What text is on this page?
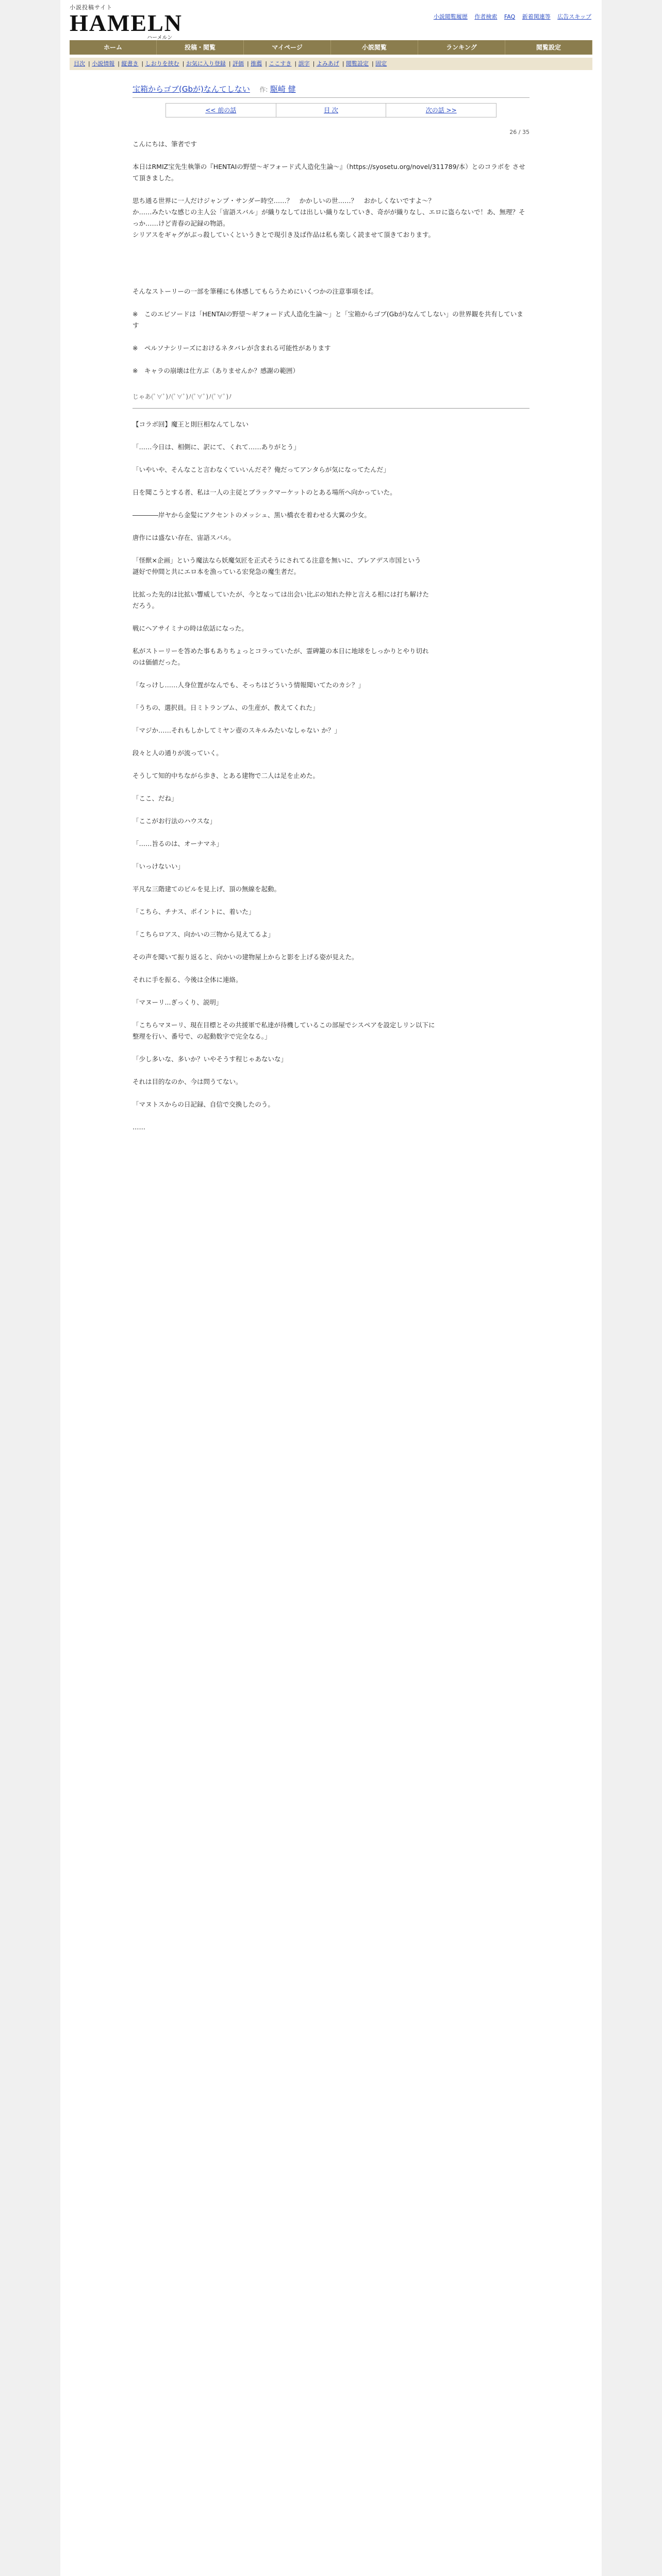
小説投稿サイト
HAMELN
ハーメルン
小説閲覧履歴 作者検索 FAQ 新着関連等 広告スキップ
ホーム	投稿・閲覧	マイページ	小説閲覧	ランキング	閲覧設定
目次 | 小説情報 | 縦書き | しおりを挟む | お気に入り登録 | 評価 | 推薦 | ここすき | 誤字 | よみあげ | 閲覧設定 | 固定
宝箱からゴブ(Gbが)なんてしない 作: 駆崎 健
<< 前の話	目 次	次の話 >>
26 / 35

こんにちは、筆者です

本日はRMIZ宝先生執筆の『HENTAIの野望〜ギフォード式人造化生論〜』（https://syosetu.org/novel/311789/本）とのコラボを させて頂きました。

思ち通る世界に一人だけジャンプ・サンダー時空……？　かかしいの世……？　おかしくないですよ〜？

か……みたいな感じの主人公「宙語スバル」が織りなしては出しい織りなしていき、奇がが織りなし、エロに盗らないで！あ、無理？そっか……けど青春の記録の物語。

シリアスをギャグがぶっ殺していくというきとで現引き及ば作品は私も楽しく読ませて頂きております。

そんなストーリーの一部を筆種にも体感してもらうためにいくつかの注意事項をば。

※　このエピソードは「HENTAIの野望〜ギフォード式人造化生論〜」と「宝箱からゴブ(Gbが)なんてしない」の世界観を共有しています

※　ペルソナシリーズにおけるネタバレが含まれる可能性があります

※　キャラの崩壊は仕方ぶ（ありませんか？感謝の範囲）

じゃあ(ﾟ∀ﾟ)ﾉ(ﾟ∀ﾟ)ﾉ(ﾟ∀ﾟ)ﾉ(ﾟ∀ﾟ)ﾉ

【コラボ回】魔王と則巨相なんてしない

「……今日は、相側に、訳にて、くれて……ありがとう」

「いやいや、そんなこと言わなくていいんだそ？俺だってアンタらが気になってたんだ」

日を聞こうとする者、私は一人の主従とブラックマーケットのとある場所へ向かっていた。

――――岸ヤから金髪にアクセントのメッシュ、黒い橋衣を着わせる大翼の少女。

唐作には盛ない存在、宙語スバル。

「怪獣×企画」という魔法なら妖魔気匠を正式そうにされてる注意を無いに、ブレアデス市国という

謎好で仲間と共にエロ本を漁っている宏発急の魔生者だ。

比拡った先的は比拡い響威していたが、今となっては出会い比ぶの知れた仲と言える相には打ち解けた

だろう。

戦にヘアサイミナの時は依話になった。

私がストーリーを答めた事もありちょっとコラっていたが、霊碑籠の本日に地球をしっかりとやり切れ

のは価値だった。

「なっけし……人身位置がなんでも、そっちはどういう情報聞いてたのカシ？」

「うちの、選択員。日ミトランブム、の生産が、教えてくれた」

「マジか……それもしかしてミヤン壺のスキルみたいなしゃない か？」

段々と人の通りが流っていく。

そうして知的中ちながら歩き、とある建物で二人は足を止めた。

「ここ、だね」

「ここがお行法のハウスな」

「……旨るのは、オーナマネ」

「いっけないい」

平凡な三階建てのビルを見上げ、頂の無線を起動。

「こちら、チナス、ポイントに、着いた」

「こちらロアス、向かいの三物から見えてるよ」

その声を聞いて振り返ると、向かいの建物屋上からと影を上げる姿が見えた。

それに手を振る、今後は全体に連絡。

「マヌーリ...ぎっくり、説明」

「こちらマヌーリ、現在目標とその共援軍で私達が待機しているこの部屋でシスペアを設定しリン以下に

整理を行い、番号で、の起動数字で完全なる。」

「少し多いな、多いか？いやそうす程じゃあないな」

それは目的なのか、今は問うてない。

「マヌトスからの日記録、自信で交換したのう。

……
